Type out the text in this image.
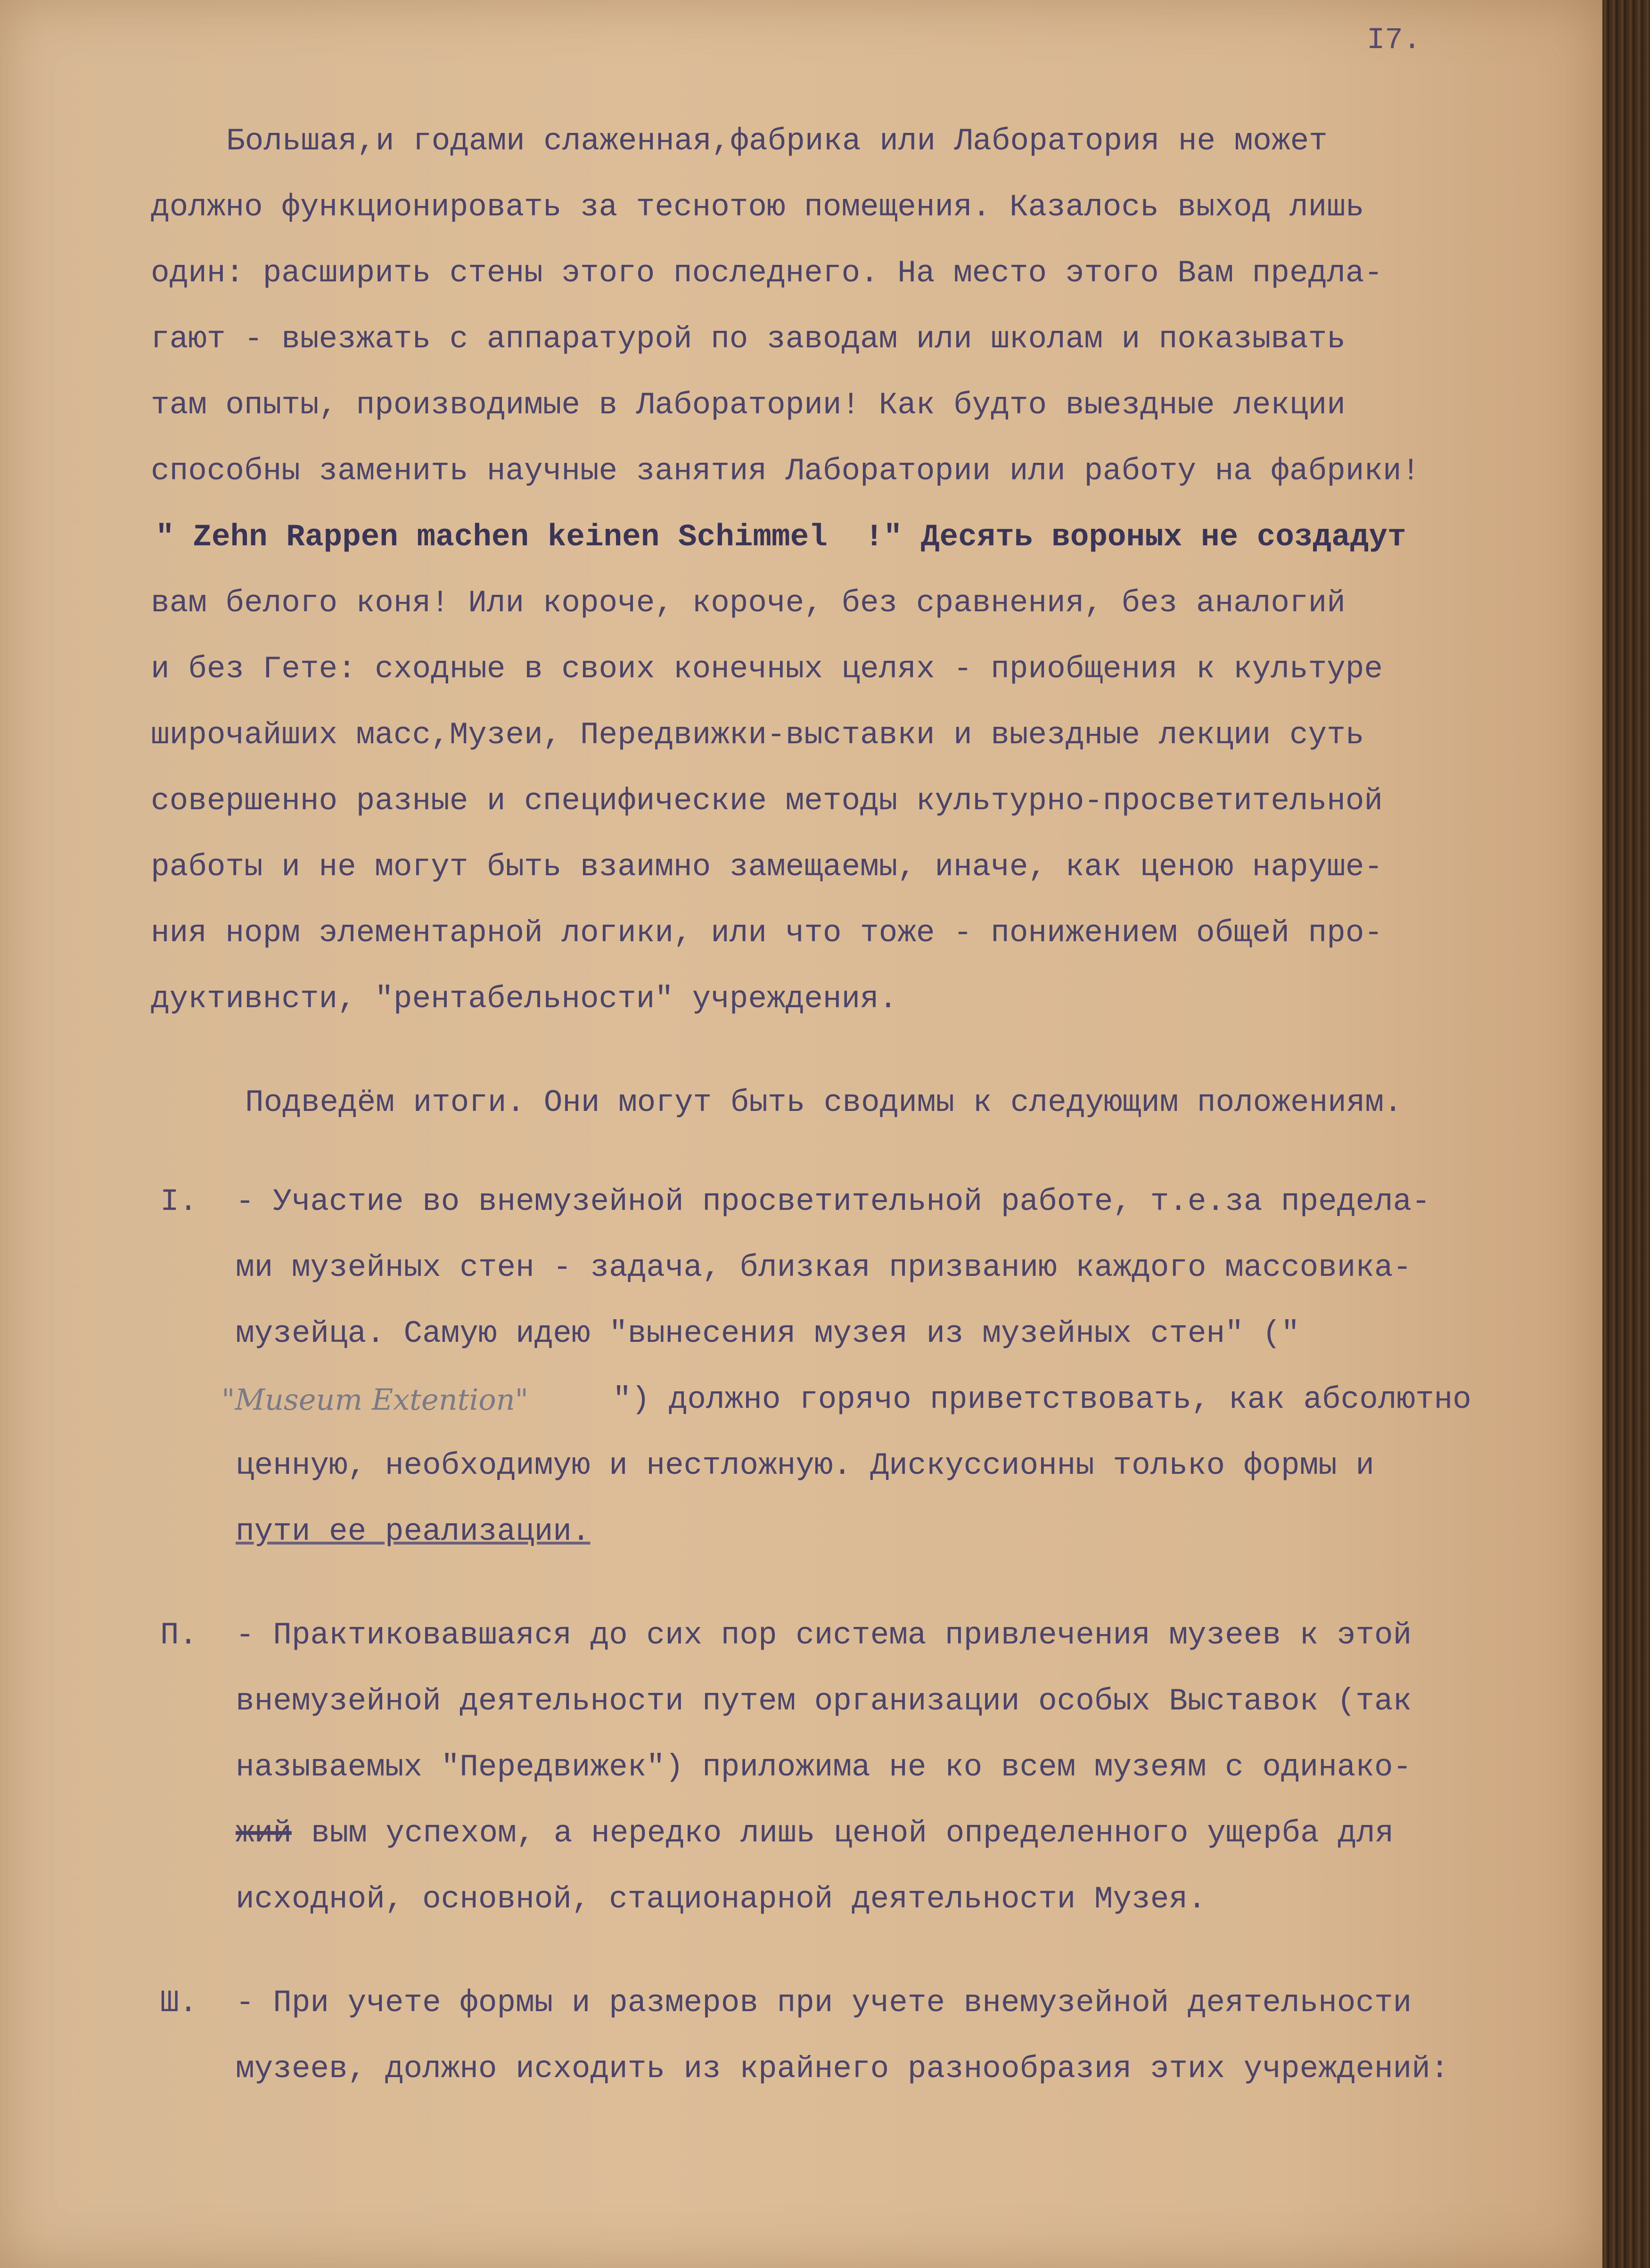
I7.
Большая,и годами слаженная,фабрика или Лаборатория не может
должно функционировать за теснотою помещения. Казалось выход лишь
один: расширить стены этого последнего. На место этого Вам предла-
гают - выезжать с аппаратурой по заводам или школам и показывать
там опыты, производимые в Лаборатории! Как будто выездные лекции
способны заменить научные занятия Лаборатории или работу на фабрики!
" Zehn Rappen machen keinen Schimmel  !" Десять вороных не создадут
вам белого коня! Или короче, короче, без сравнения, без аналогий
и без Гете: сходные в своих конечных целях - приобщения к культуре
широчайших масс,Музеи, Передвижки-выставки и выездные лекции суть
совершенно разные и специфические методы культурно-просветительной
работы и не могут быть взаимно замещаемы, иначе, как ценою наруше-
ния норм элементарной логики, или что тоже - понижением общей про-
дуктивнсти, "рентабельности" учреждения.
Подведём итоги. Они могут быть сводимы к следующим положениям.
I. - Участие во внемузейной просветительной работе, т.е.за предела-
ми музейных стен - задача, близкая призванию каждого массовика-
музейца. Самую идею "вынесения музея из музейных стен" ("
"Museum Extention"	") должно горячо приветствовать, как абсолютно
ценную, необходимую и нестложную. Дискуссионны только формы и
пути ее реализации.
П. - Практиковавшаяся до сих пор система привлечения музеев к этой
внемузейной деятельности путем организации особых Выставок (так
называемых "Передвижек") приложима не ко всем музеям с одинако-
жий вым успехом, а нередко лишь ценой определенного ущерба для
исходной, основной, стационарной деятельности Музея.
Ш. - При учете формы и размеров при учете внемузейной деятельности
музеев, должно исходить из крайнего разнообразия этих учреждений:
